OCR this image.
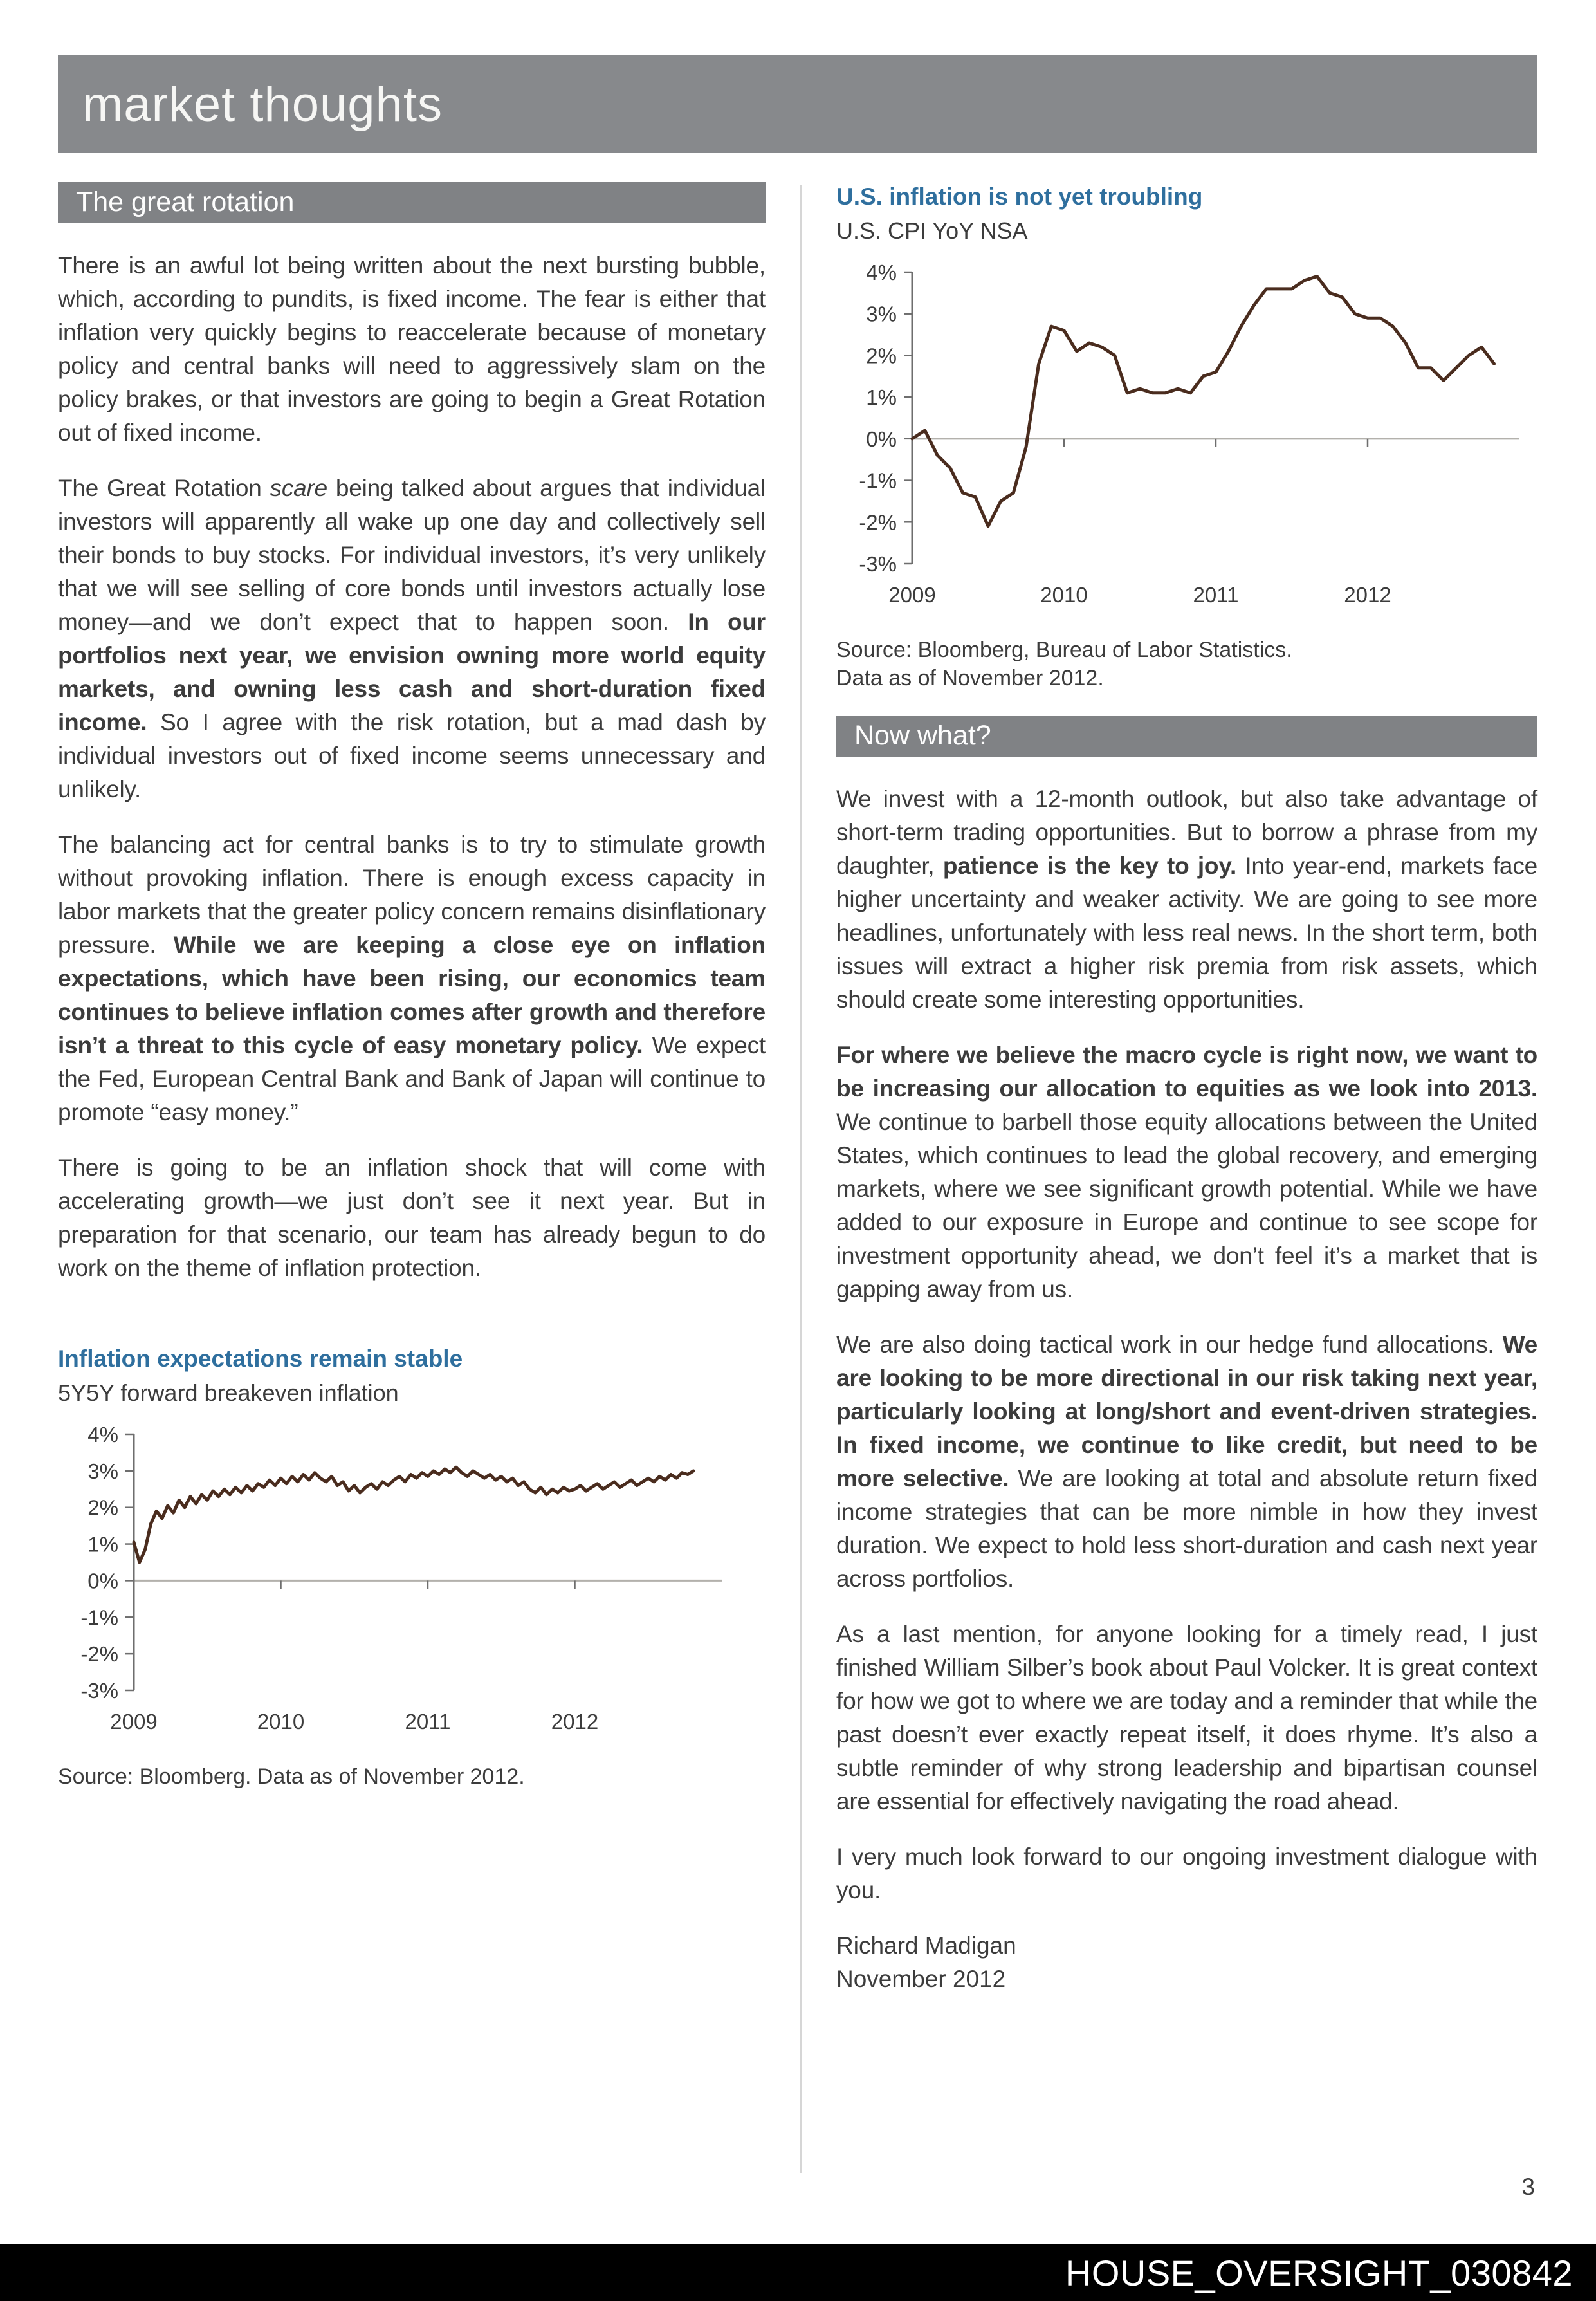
market thoughts
The great rotation

There is an awful lot being written about the next bursting bubble, which, according to pundits, is fixed income. The fear is either that inflation very quickly begins to reaccelerate because of monetary policy and central banks will need to aggressively slam on the policy brakes, or that investors are going to begin a Great Rotation out of fixed income.

The Great Rotation scare being talked about argues that individual investors will apparently all wake up one day and collectively sell their bonds to buy stocks. For individual investors, it’s very unlikely that we will see selling of core bonds until investors actually lose money—and we don’t expect that to happen soon. In our portfolios next year, we envision owning more world equity markets, and owning less cash and short-duration fixed income. So I agree with the risk rotation, but a mad dash by individual investors out of fixed income seems unnecessary and unlikely.

The balancing act for central banks is to try to stimulate growth without provoking inflation. There is enough excess capacity in labor markets that the greater policy concern remains disinflationary pressure. While we are keeping a close eye on inflation expectations, which have been rising, our economics team continues to believe inflation comes after growth and therefore isn’t a threat to this cycle of easy monetary policy. We expect the Fed, European Central Bank and Bank of Japan will continue to promote “easy money.”

There is going to be an inflation shock that will come with accelerating growth—we just don’t see it next year. But in preparation for that scenario, our team has already begun to do work on the theme of inflation protection.

Inflation expectations remain stable
5Y5Y forward breakeven inflation
4%
3%
2%
1%
0%
-1%
-2%
-3%
2009	2010	2011	2012
Source: Bloomberg. Data as of November 2012.
U.S. inflation is not yet troubling
U.S. CPI YoY NSA
4%
3%
2%
1%
0%
-1%
-2%
-3%
2009	2010	2011	2012
Source: Bloomberg, Bureau of Labor Statistics.
Data as of November 2012.
Now what?

We invest with a 12-month outlook, but also take advantage of short-term trading opportunities. But to borrow a phrase from my daughter, patience is the key to joy. Into year-end, markets face higher uncertainty and weaker activity. We are going to see more headlines, unfortunately with less real news. In the short term, both issues will extract a higher risk premia from risk assets, which should create some interesting opportunities.

For where we believe the macro cycle is right now, we want to be increasing our allocation to equities as we look into 2013. We continue to barbell those equity allocations between the United States, which continues to lead the global recovery, and emerging markets, where we see significant growth potential. While we have added to our exposure in Europe and continue to see scope for investment opportunity ahead, we don’t feel it’s a market that is gapping away from us.

We are also doing tactical work in our hedge fund allocations. We are looking to be more directional in our risk taking next year, particularly looking at long/short and event-driven strategies. In fixed income, we continue to like credit, but need to be more selective. We are looking at total and absolute return fixed income strategies that can be more nimble in how they invest duration. We expect to hold less short-duration and cash next year across portfolios.

As a last mention, for anyone looking for a timely read, I just finished William Silber’s book about Paul Volcker. It is great context for how we got to where we are today and a reminder that while the past doesn’t ever exactly repeat itself, it does rhyme. It’s also a subtle reminder of why strong leadership and bipartisan counsel are essential for effectively navigating the road ahead.

I very much look forward to our ongoing investment dialogue with you.

Richard Madigan
November 2012
3
HOUSE_OVERSIGHT_030842
